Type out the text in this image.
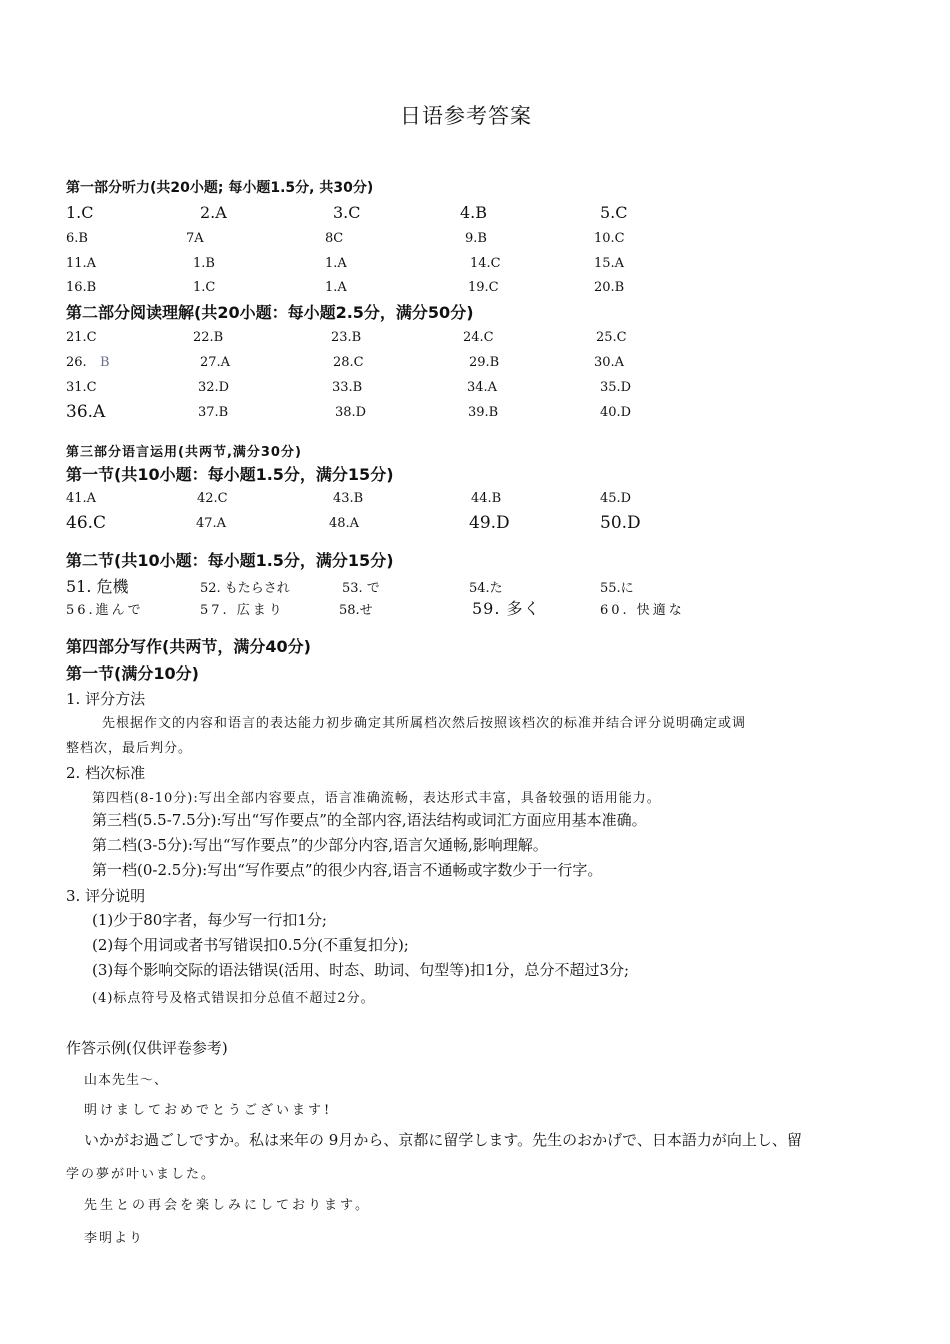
日语参考答案
第一部分听力(共20小题; 每小题1.5分, 共30分)
1.C	2.A	3.C	4.B	5.C
6.B	7A	8C	9.B	10.C
11.A	1.B	1.A	14.C	15.A
16.B	1.C	1.A	19.C	20.B
第二部分阅读理解(共20小题：每小题2.5分，满分50分)
21.C	22.B	23.B	24.C	25.C
26. B	27.A	28.C	29.B	30.A
31.C	32.D	33.B	34.A	35.D
36.A	37.B	38.D	39.B	40.D
第三部分语言运用(共两节,满分30分)
第一节(共10小题：每小题1.5分，满分15分)
41.A	42.C	43.B	44.B	45.D
46.C	47.A	48.A	49.D	50.D
第二节(共10小题：每小题1.5分，满分15分)
51. 危機	52. もたらされ	53. で	54.た	55.に
56.進んで	57. 広まり	58.せ	59. 多く	60. 快適な
第四部分写作(共两节，满分40分)
第一节(满分10分)
1. 评分方法
先根据作文的内容和语言的表达能力初步确定其所属档次然后按照该档次的标准并结合评分说明确定或调
整档次，最后判分。
2. 档次标准
第四档(8-10分):写出全部内容要点，语言准确流畅，表达形式丰富，具备较强的语用能力。
第三档(5.5-7.5分):写出“写作要点”的全部内容,语法结构或词汇方面应用基本准确。
第二档(3-5分):写出“写作要点”的少部分内容,语言欠通畅,影响理解。
第一档(0-2.5分):写出“写作要点”的很少内容,语言不通畅或字数少于一行字。
3. 评分说明
(1)少于80字者，每少写一行扣1分;
(2)每个用词或者书写错误扣0.5分(不重复扣分);
(3)每个影响交际的语法错误(活用、时态、助词、句型等)扣1分，总分不超过3分;
(4)标点符号及格式错误扣分总值不超过2分。
作答示例(仅供评卷参考)
山本先生〜、
明けましておめでとうございます!
いかがお過ごしですか。私は来年の 9月から、京都に留学します。先生のおかげで、日本語力が向上し、留
学の夢が叶いました。
先生との再会を楽しみにしております。
李明より
